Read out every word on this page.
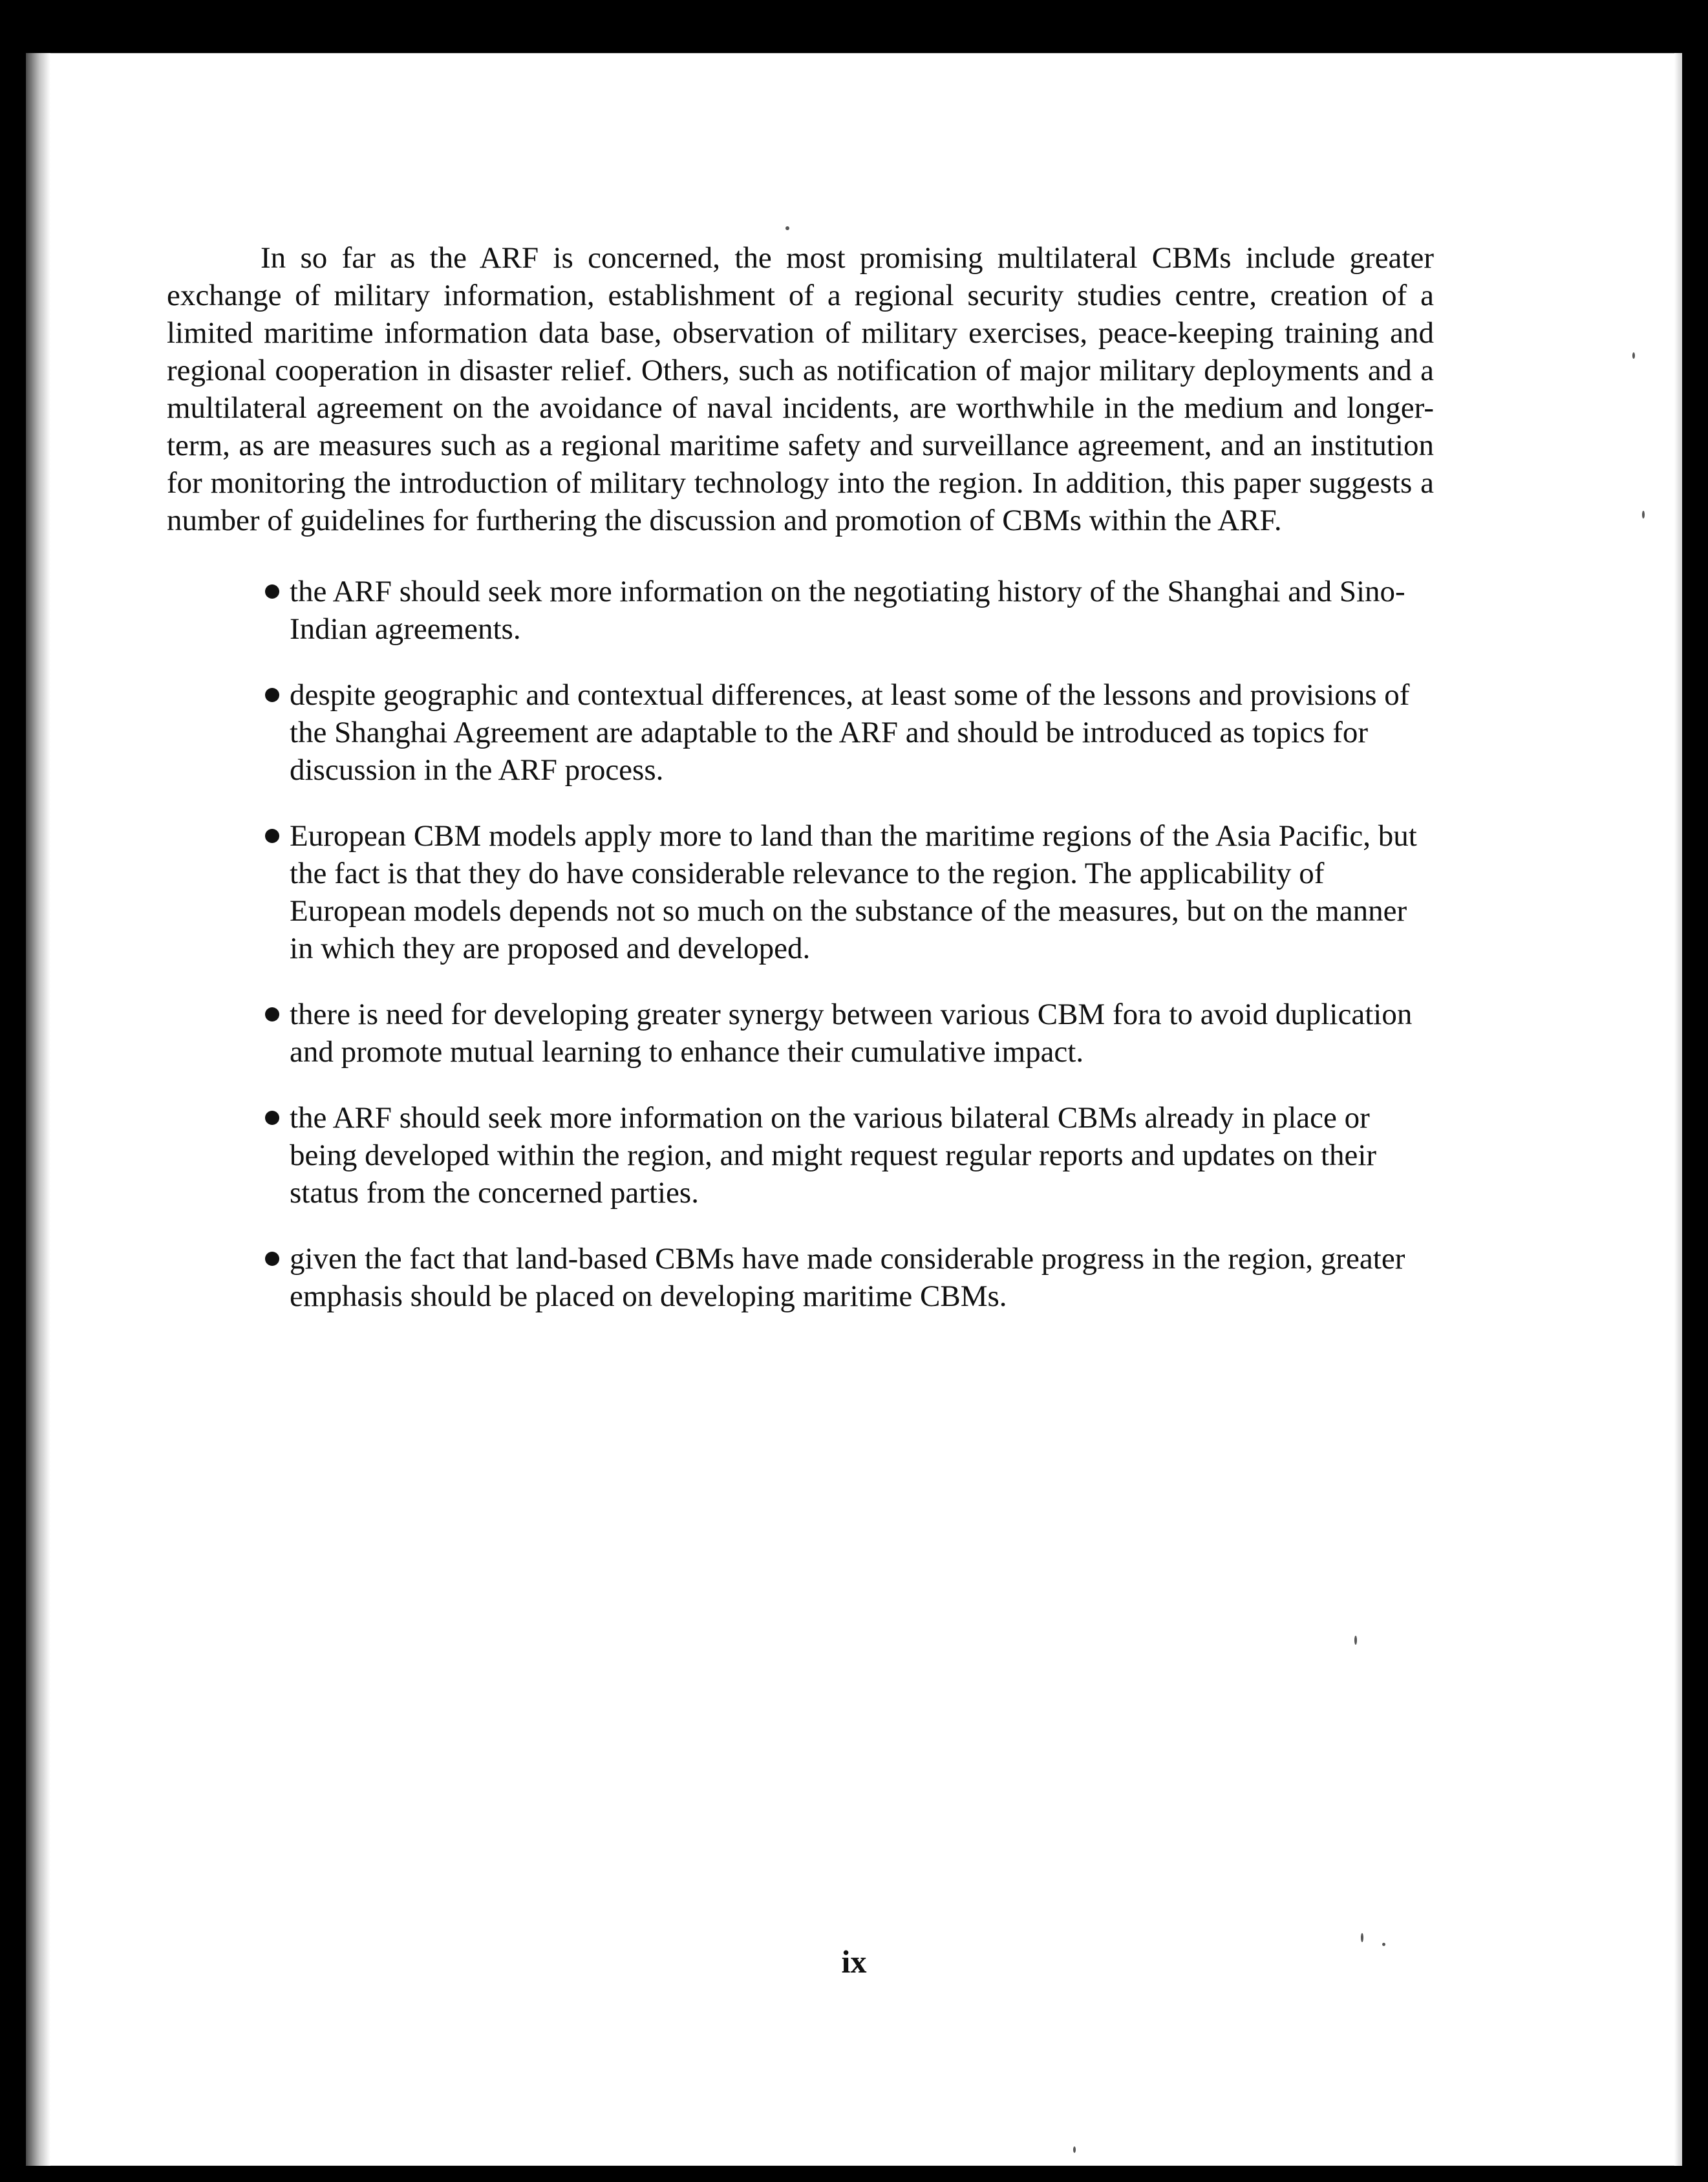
In so far as the ARF is concerned, the most promising multilateral CBMs include greater exchange of military information, establishment of a regional security studies centre, creation of a limited maritime information data base, observation of military exercises, peace-keeping training and regional cooperation in disaster relief. Others, such as notification of major military deployments and a multilateral agreement on the avoidance of naval incidents, are worthwhile in the medium and longer-term, as are measures such as a regional maritime safety and surveillance agreement, and an institution for monitoring the introduction of military technology into the region. In addition, this paper suggests a number of guidelines for furthering the discussion and promotion of CBMs within the ARF.

the ARF should seek more information on the negotiating history of the Shanghai and Sino-Indian agreements.
despite geographic and contextual differences, at least some of the lessons and provisions of the Shanghai Agreement are adaptable to the ARF and should be introduced as topics for discussion in the ARF process.
European CBM models apply more to land than the maritime regions of the Asia Pacific, but the fact is that they do have considerable relevance to the region. The applicability of European models depends not so much on the substance of the measures, but on the manner in which they are proposed and developed.
there is need for developing greater synergy between various CBM fora to avoid duplication and promote mutual learning to enhance their cumulative impact.
the ARF should seek more information on the various bilateral CBMs already in place or being developed within the region, and might request regular reports and updates on their status from the concerned parties.
given the fact that land-based CBMs have made considerable progress in the region, greater emphasis should be placed on developing maritime CBMs.
ix
